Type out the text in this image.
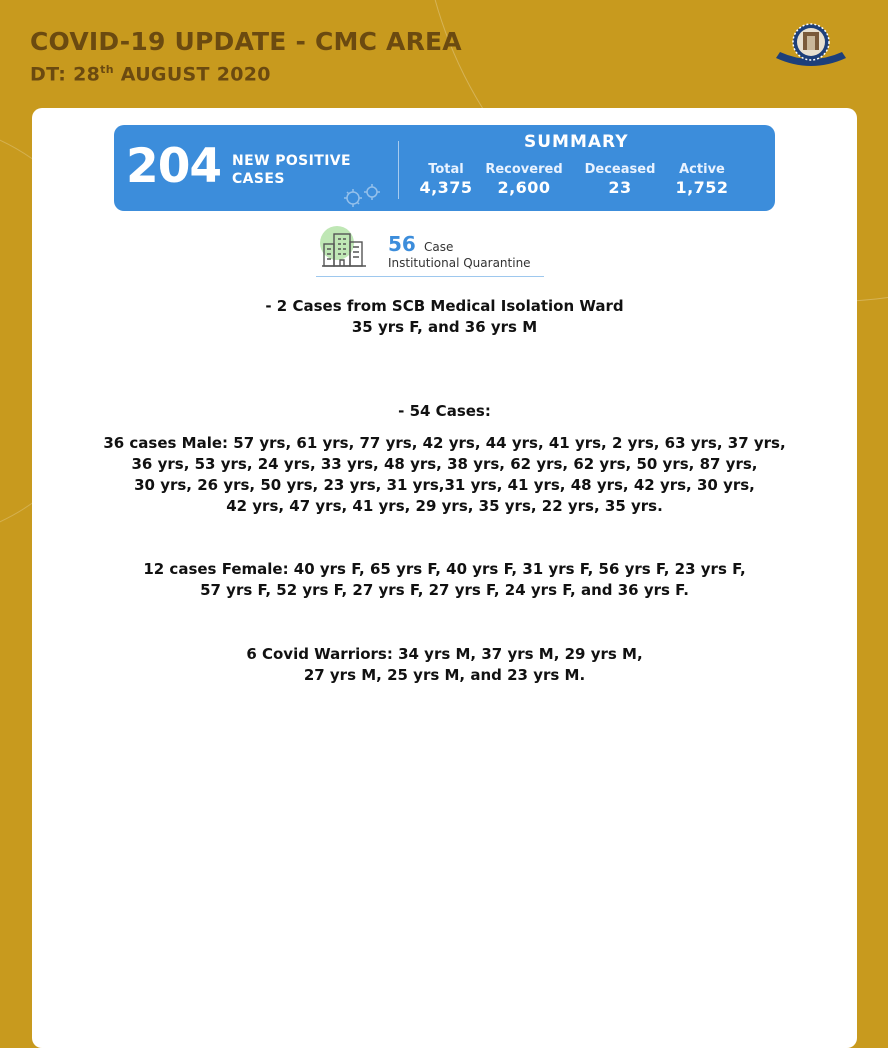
COVID-19 UPDATE - CMC AREA
DT: 28th AUGUST 2020
204 NEW POSITIVE
CASES
SUMMARY
Total
4,375
Recovered
2,600
Deceased
23
Active
1,752
56 Case
Institutional Quarantine
- 2 Cases from SCB Medical Isolation Ward
35 yrs F, and 36 yrs M
- 54 Cases:
36 cases Male: 57 yrs, 61 yrs, 77 yrs, 42 yrs, 44 yrs, 41 yrs, 2 yrs, 63 yrs, 37 yrs,
36 yrs, 53 yrs, 24 yrs, 33 yrs, 48 yrs, 38 yrs, 62 yrs, 62 yrs, 50 yrs, 87 yrs,
30 yrs, 26 yrs, 50 yrs, 23 yrs, 31 yrs,31 yrs, 41 yrs, 48 yrs, 42 yrs, 30 yrs,
42 yrs, 47 yrs, 41 yrs, 29 yrs, 35 yrs, 22 yrs, 35 yrs.
12 cases Female: 40 yrs F, 65 yrs F, 40 yrs F, 31 yrs F, 56 yrs F, 23 yrs F,
57 yrs F, 52 yrs F, 27 yrs F, 27 yrs F, 24 yrs F, and 36 yrs F.
6 Covid Warriors: 34 yrs M, 37 yrs M, 29 yrs M,
27 yrs M, 25 yrs M, and 23 yrs M.
